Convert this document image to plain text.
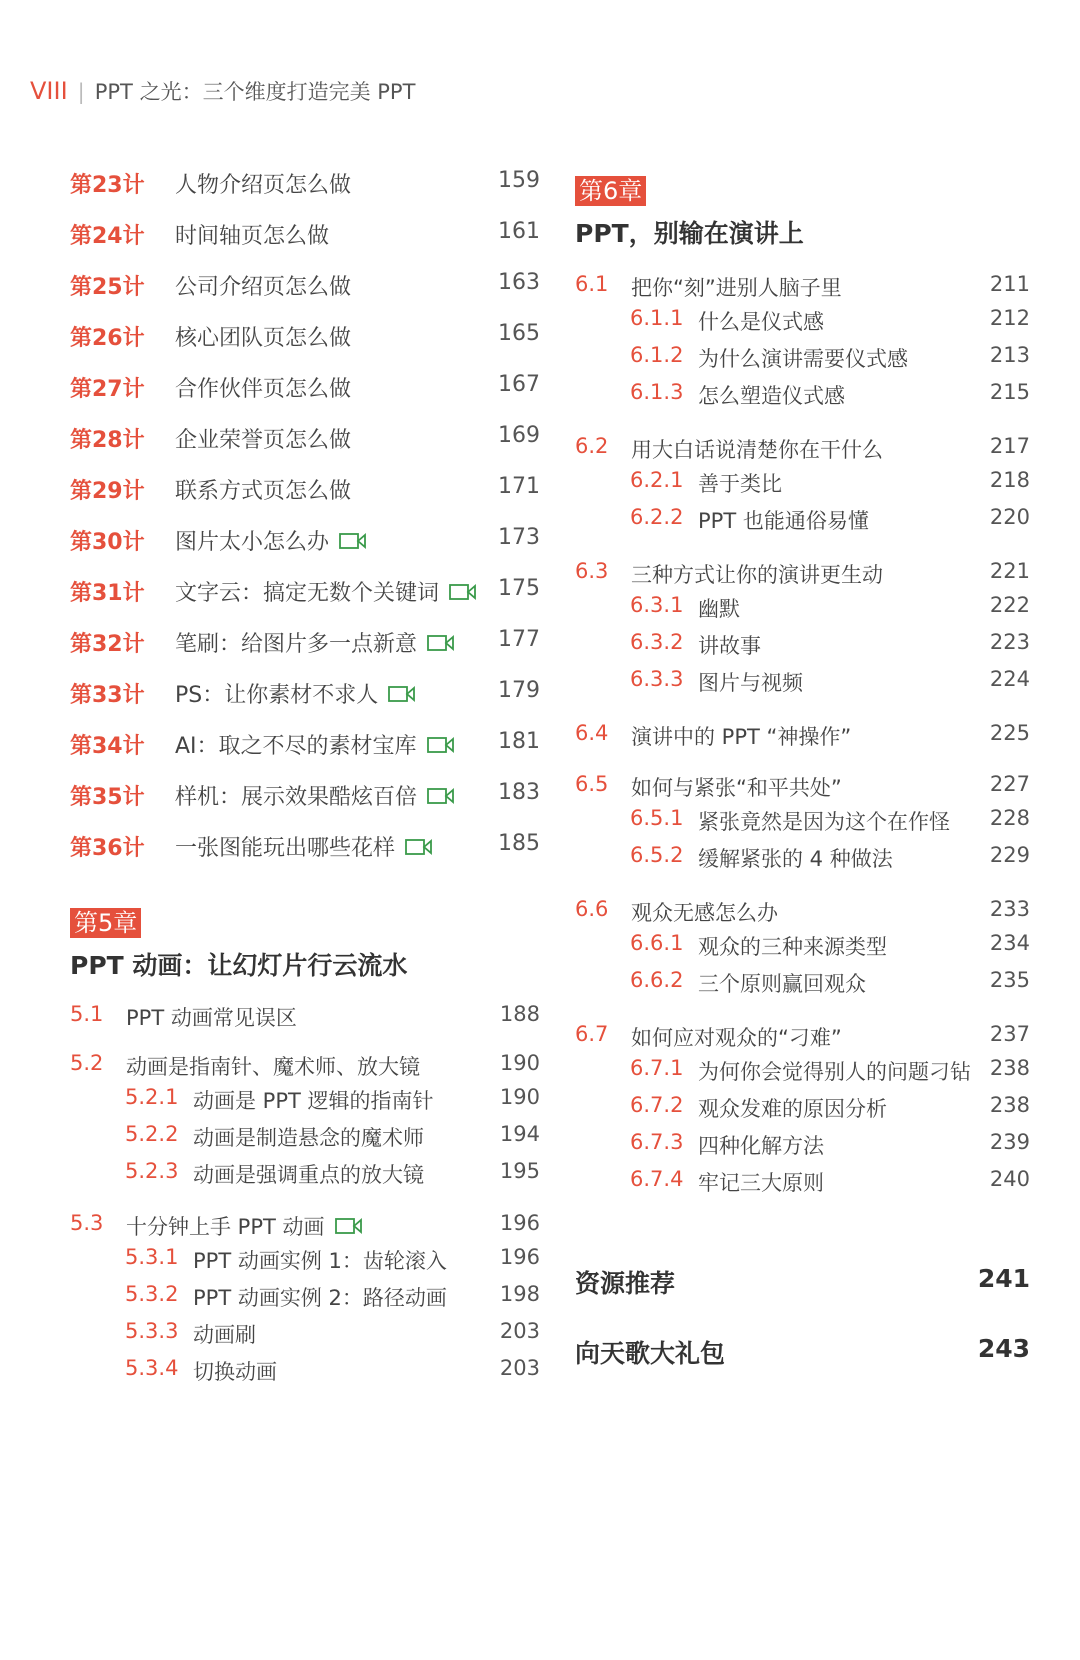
VIII | PPT 之光：三个维度打造完美 PPT
第23计 人物介绍页怎么做	159
第24计 时间轴页怎么做	161
第25计 公司介绍页怎么做	163
第26计 核心团队页怎么做	165
第27计 合作伙伴页怎么做	167
第28计 企业荣誉页怎么做	169
第29计 联系方式页怎么做	171
第30计 图片太小怎么办	173
第31计 文字云：搞定无数个关键词	175
第32计 笔刷：给图片多一点新意	177
第33计 PS：让你素材不求人	179
第34计 AI：取之不尽的素材宝库	181
第35计 样机：展示效果酷炫百倍	183
第36计 一张图能玩出哪些花样	185
第5章
PPT 动画：让幻灯片行云流水
5.1 PPT 动画常见误区	188
5.2 动画是指南针、魔术师、放大镜	190
5.2.1 动画是 PPT 逻辑的指南针	190
5.2.2 动画是制造悬念的魔术师	194
5.2.3 动画是强调重点的放大镜	195
5.3 十分钟上手 PPT 动画	196
5.3.1 PPT 动画实例 1：齿轮滚入	196
5.3.2 PPT 动画实例 2：路径动画	198
5.3.3 动画刷	203
5.3.4 切换动画	203
第6章
PPT，别输在演讲上
6.1 把你“刻”进别人脑子里	211
6.1.1 什么是仪式感	212
6.1.2 为什么演讲需要仪式感	213
6.1.3 怎么塑造仪式感	215
6.2 用大白话说清楚你在干什么	217
6.2.1 善于类比	218
6.2.2 PPT 也能通俗易懂	220
6.3 三种方式让你的演讲更生动	221
6.3.1 幽默	222
6.3.2 讲故事	223
6.3.3 图片与视频	224
6.4 演讲中的 PPT “神操作”	225
6.5 如何与紧张“和平共处”	227
6.5.1 紧张竟然是因为这个在作怪 228
6.5.2 缓解紧张的 4 种做法	229
6.6 观众无感怎么办	233
6.6.1 观众的三种来源类型	234
6.6.2 三个原则赢回观众	235
6.7 如何应对观众的“刁难”	237
6.7.1 为何你会觉得别人的问题刁钻 238
6.7.2 观众发难的原因分析	238
6.7.3 四种化解方法	239
6.7.4 牢记三大原则	240
资源推荐	241
向天歌大礼包	243
